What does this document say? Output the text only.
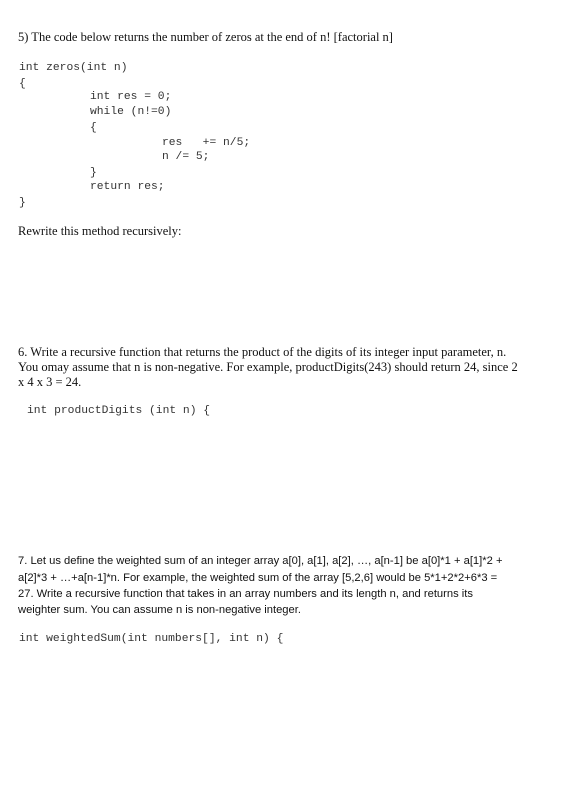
5) The code below returns the number of zeros at the end of n! [factorial n]
int zeros(int n)
{
int res = 0;
while (n!=0)
{
res   += n/5;
n /= 5;
}
return res;
}
Rewrite this method recursively:
6. Write a recursive function that returns the product of the digits of its integer input parameter, n.
You omay assume that n is non-negative. For example, productDigits(243) should return 24, since 2
x 4 x 3 = 24.
int productDigits (int n) {
7. Let us define the weighted sum of an integer array a[0], a[1], a[2], …, a[n-1] be a[0]*1 + a[1]*2 +
a[2]*3 + …+a[n-1]*n. For example, the weighted sum of the array [5,2,6] would be 5*1+2*2+6*3 =
27. Write a recursive function that takes in an array numbers and its length n, and returns its
weighter sum. You can assume n is non-negative integer.
int weightedSum(int numbers[], int n) {
